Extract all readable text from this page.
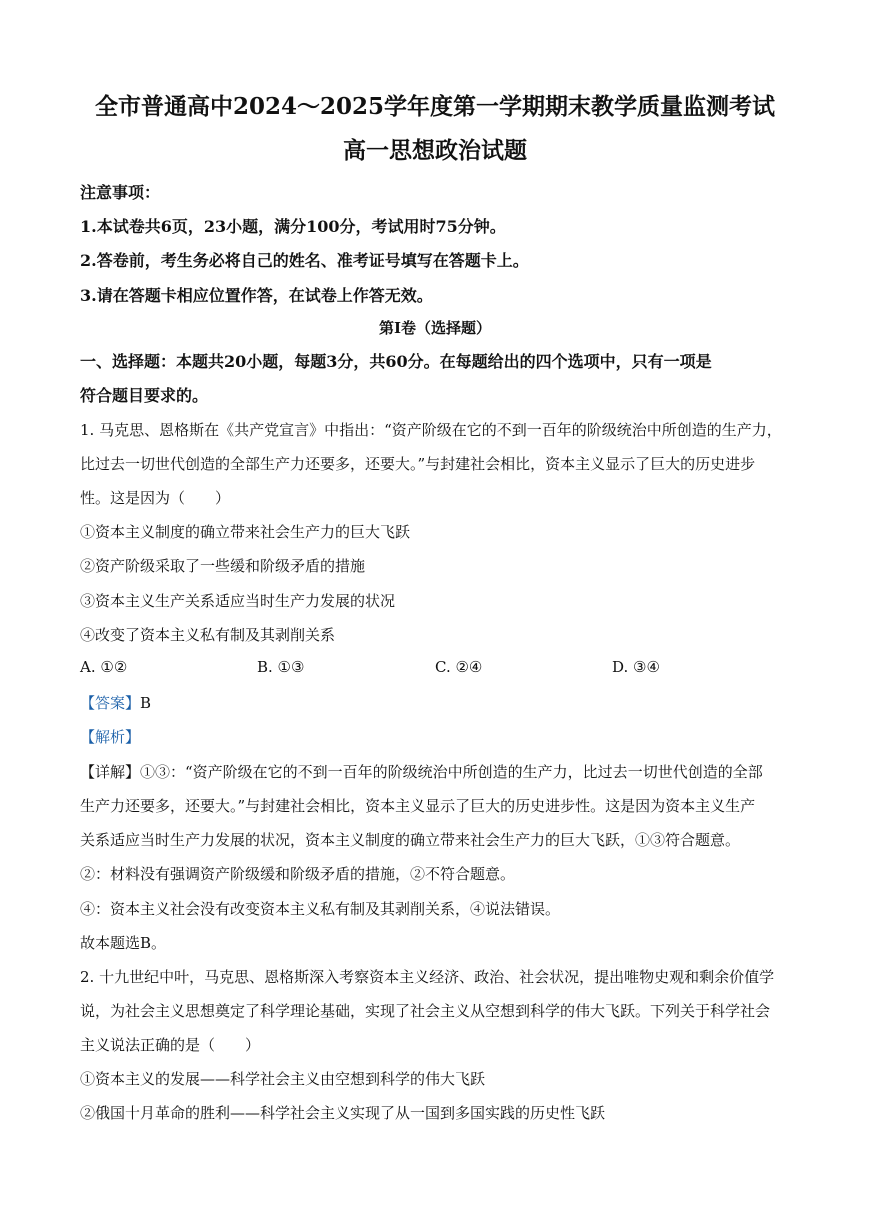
全市普通高中2024～2025学年度第一学期期末教学质量监测考试
高一思想政治试题
注意事项：
1.本试卷共6页，23小题，满分100分，考试用时75分钟。
2.答卷前，考生务必将自己的姓名、准考证号填写在答题卡上。
3.请在答题卡相应位置作答，在试卷上作答无效。
第Ⅰ卷（选择题）
一、选择题：本题共20小题，每题3分，共60分。在每题给出的四个选项中，只有一项是
符合题目要求的。
1. 马克思、恩格斯在《共产党宣言》中指出：“资产阶级在它的不到一百年的阶级统治中所创造的生产力，
比过去一切世代创造的全部生产力还要多，还要大。”与封建社会相比，资本主义显示了巨大的历史进步
性。这是因为（　　）
①资本主义制度的确立带来社会生产力的巨大飞跃
②资产阶级采取了一些缓和阶级矛盾的措施
③资本主义生产关系适应当时生产力发展的状况
④改变了资本主义私有制及其剥削关系
A. ①②	B. ①③	C. ②④	D. ③④
【答案】B
【解析】
【详解】①③：“资产阶级在它的不到一百年的阶级统治中所创造的生产力，比过去一切世代创造的全部
生产力还要多，还要大。”与封建社会相比，资本主义显示了巨大的历史进步性。这是因为资本主义生产
关系适应当时生产力发展的状况，资本主义制度的确立带来社会生产力的巨大飞跃，①③符合题意。
②：材料没有强调资产阶级缓和阶级矛盾的措施，②不符合题意。
④：资本主义社会没有改变资本主义私有制及其剥削关系，④说法错误。
故本题选B。
2. 十九世纪中叶，马克思、恩格斯深入考察资本主义经济、政治、社会状况，提出唯物史观和剩余价值学
说，为社会主义思想奠定了科学理论基础，实现了社会主义从空想到科学的伟大飞跃。下列关于科学社会
主义说法正确的是（　　）
①资本主义的发展——科学社会主义由空想到科学的伟大飞跃
②俄国十月革命的胜利——科学社会主义实现了从一国到多国实践的历史性飞跃
